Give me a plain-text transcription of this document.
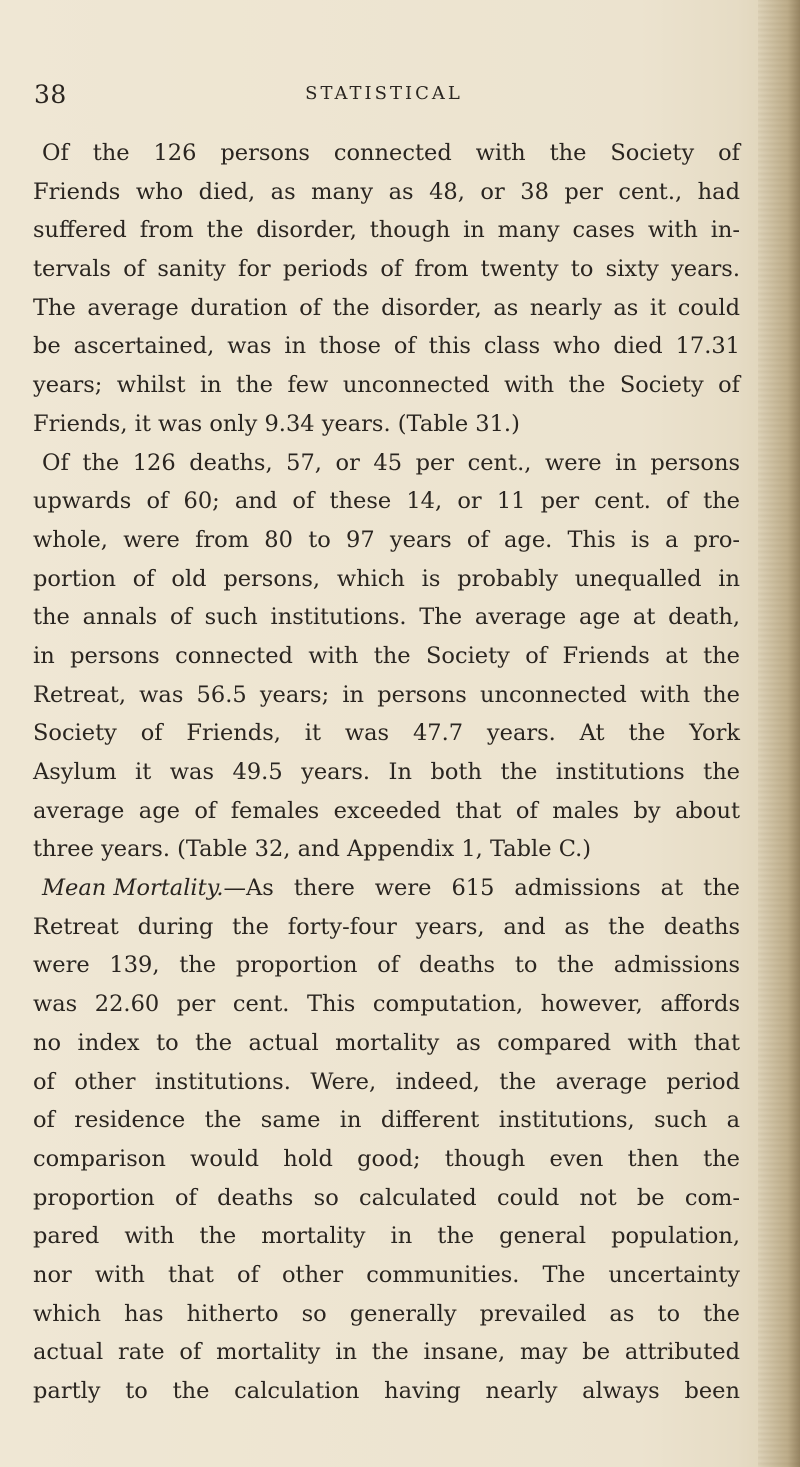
38	STATISTICAL
Of the 126 persons connected with the Society of
Friends who died, as many as 48, or 38 per cent., had
suffered from the disorder, though in many cases with in-
tervals of sanity for periods of from twenty to sixty years.
The average duration of the disorder, as nearly as it could
be ascertained, was in those of this class who died 17.31
years; whilst in the few unconnected with the Society of
Friends, it was only 9.34 years. (Table 31.)
Of the 126 deaths, 57, or 45 per cent., were in persons
upwards of 60; and of these 14, or 11 per cent. of the
whole, were from 80 to 97 years of age. This is a pro-
portion of old persons, which is probably unequalled in
the annals of such institutions. The average age at death,
in persons connected with the Society of Friends at the
Retreat, was 56.5 years; in persons unconnected with the
Society of Friends, it was 47.7 years. At the York
Asylum it was 49.5 years. In both the institutions the
average age of females exceeded that of males by about
three years. (Table 32, and Appendix 1, Table C.)
Mean Mortality. —As there were 615 admissions at the
Retreat during the forty-four years, and as the deaths
were 139, the proportion of deaths to the admissions
was 22.60 per cent. This computation, however, affords
no index to the actual mortality as compared with that
of other institutions. Were, indeed, the average period
of residence the same in different institutions, such a
comparison would hold good; though even then the
proportion of deaths so calculated could not be com-
pared with the mortality in the general population,
nor with that of other communities. The uncertainty
which has hitherto so generally prevailed as to the
actual rate of mortality in the insane, may be attributed
partly to the calculation having nearly always been
